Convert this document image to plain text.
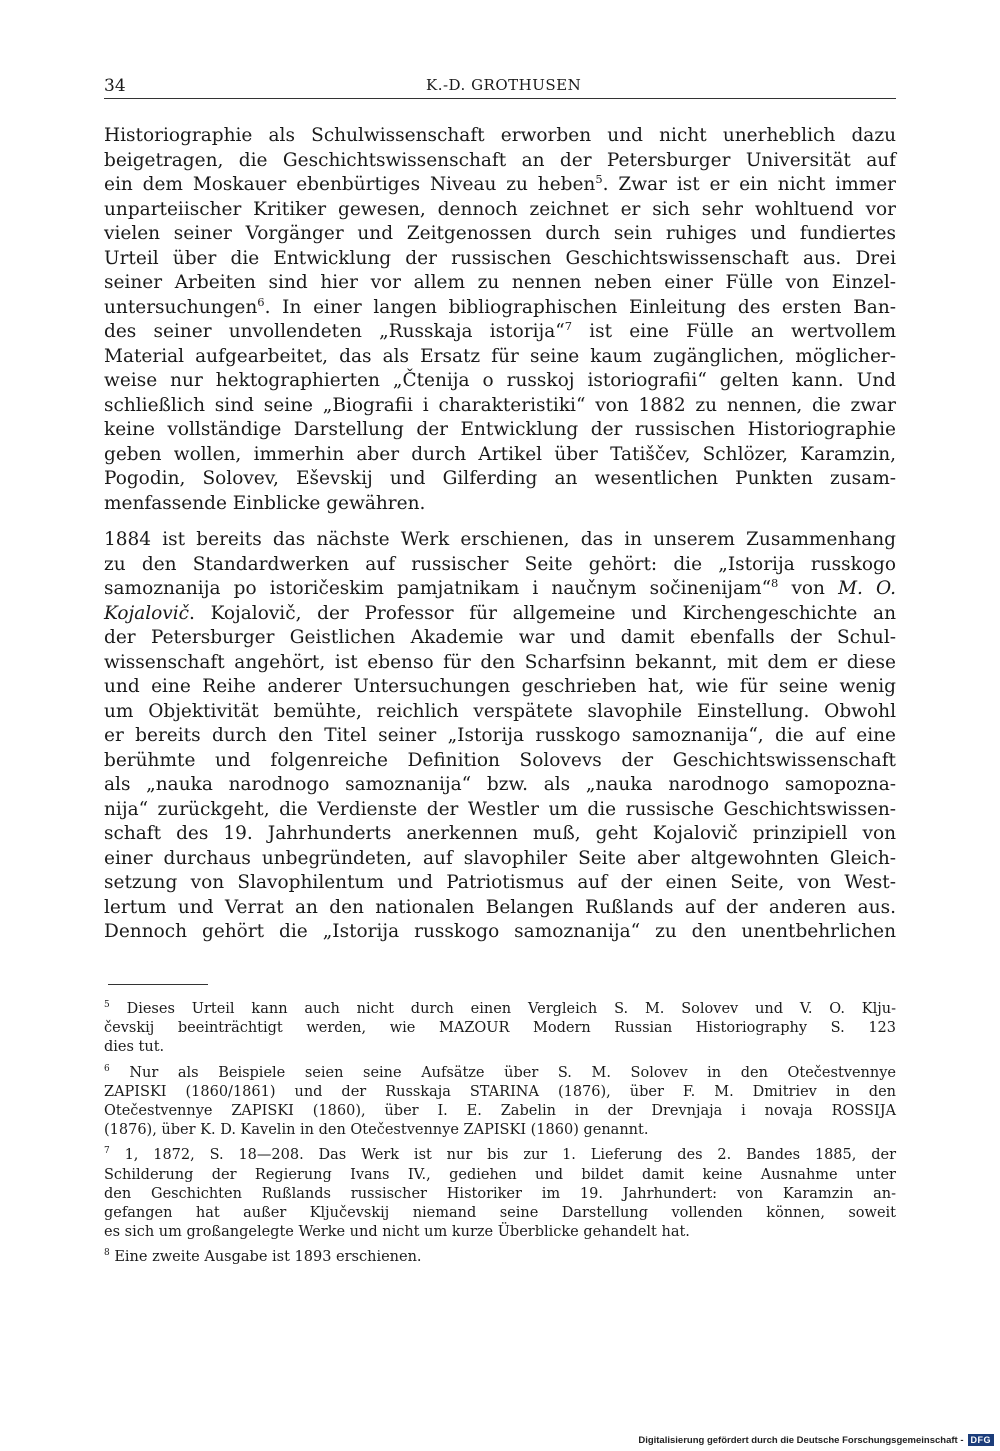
34	K.-D. GROTHUSEN
Historiographie als Schulwissenschaft erworben und nicht unerheblich dazu
beigetragen, die Geschichtswissenschaft an der Petersburger Universität auf
ein dem Moskauer ebenbürtiges Niveau zu heben$^5$. Zwar ist er ein nicht immer
unparteiischer Kritiker gewesen, dennoch zeichnet er sich sehr wohltuend vor
vielen seiner Vorgänger und Zeitgenossen durch sein ruhiges und fundiertes
Urteil über die Entwicklung der russischen Geschichtswissenschaft aus. Drei
seiner Arbeiten sind hier vor allem zu nennen neben einer Fülle von Einzel-
untersuchungen$^6$. In einer langen bibliographischen Einleitung des ersten Ban-
des seiner unvollendeten „Russkaja istorija“$^7$ ist eine Fülle an wertvollem
Material aufgearbeitet, das als Ersatz für seine kaum zugänglichen, möglicher-
weise nur hektographierten „Čtenija o russkoj istoriografii“ gelten kann. Und
schließlich sind seine „Biografii i charakteristiki“ von 1882 zu nennen, die zwar
keine vollständige Darstellung der Entwicklung der russischen Historiographie
geben wollen, immerhin aber durch Artikel über Tatiščev, Schlözer, Karamzin,
Pogodin, Solovev, Eševskij und Gilferding an wesentlichen Punkten zusam-
menfassende Einblicke gewähren.
1884 ist bereits das nächste Werk erschienen, das in unserem Zusammenhang
zu den Standardwerken auf russischer Seite gehört: die „Istorija russkogo
samoznanija po istoričeskim pamjatnikam i naučnym sočinenijam“$^8$ von M. O.
Kojalovič. Kojalovič, der Professor für allgemeine und Kirchengeschichte an
der Petersburger Geistlichen Akademie war und damit ebenfalls der Schul-
wissenschaft angehört, ist ebenso für den Scharfsinn bekannt, mit dem er diese
und eine Reihe anderer Untersuchungen geschrieben hat, wie für seine wenig
um Objektivität bemühte, reichlich verspätete slavophile Einstellung. Obwohl
er bereits durch den Titel seiner „Istorija russkogo samoznanija“, die auf eine
berühmte und folgenreiche Definition Solovevs der Geschichtswissenschaft
als „nauka narodnogo samoznanija“ bzw. als „nauka narodnogo samopozna-
nija“ zurückgeht, die Verdienste der Westler um die russische Geschichtswissen-
schaft des 19. Jahrhunderts anerkennen muß, geht Kojalovič prinzipiell von
einer durchaus unbegründeten, auf slavophiler Seite aber altgewohnten Gleich-
setzung von Slavophilentum und Patriotismus auf der einen Seite, von West-
lertum und Verrat an den nationalen Belangen Rußlands auf der anderen aus.
Dennoch gehört die „Istorija russkogo samoznanija“ zu den unentbehrlichen
$^5$ Dieses Urteil kann auch nicht durch einen Vergleich S. M. Solovev und V. O. Klju-
čevskij beeinträchtigt werden, wie MAZOUR Modern Russian Historiography S. 123
dies tut.
$^6$ Nur als Beispiele seien seine Aufsätze über S. M. Solovev in den Otečestvennye
ZAPISKI (1860/1861) und der Russkaja STARINA (1876), über F. M. Dmitriev in den
Otečestvennye ZAPISKI (1860), über I. E. Zabelin in der Drevnjaja i novaja ROSSIJA
(1876), über K. D. Kavelin in den Otečestvennye ZAPISKI (1860) genannt.
$^7$ 1, 1872, S. 18—208. Das Werk ist nur bis zur 1. Lieferung des 2. Bandes 1885, der
Schilderung der Regierung Ivans IV., gediehen und bildet damit keine Ausnahme unter
den Geschichten Rußlands russischer Historiker im 19. Jahrhundert: von Karamzin an-
gefangen hat außer Ključevskij niemand seine Darstellung vollenden können, soweit
es sich um großangelegte Werke und nicht um kurze Überblicke gehandelt hat.
$^8$ Eine zweite Ausgabe ist 1893 erschienen.
Digitalisierung gefördert durch die Deutsche Forschungsgemeinschaft - DFG
